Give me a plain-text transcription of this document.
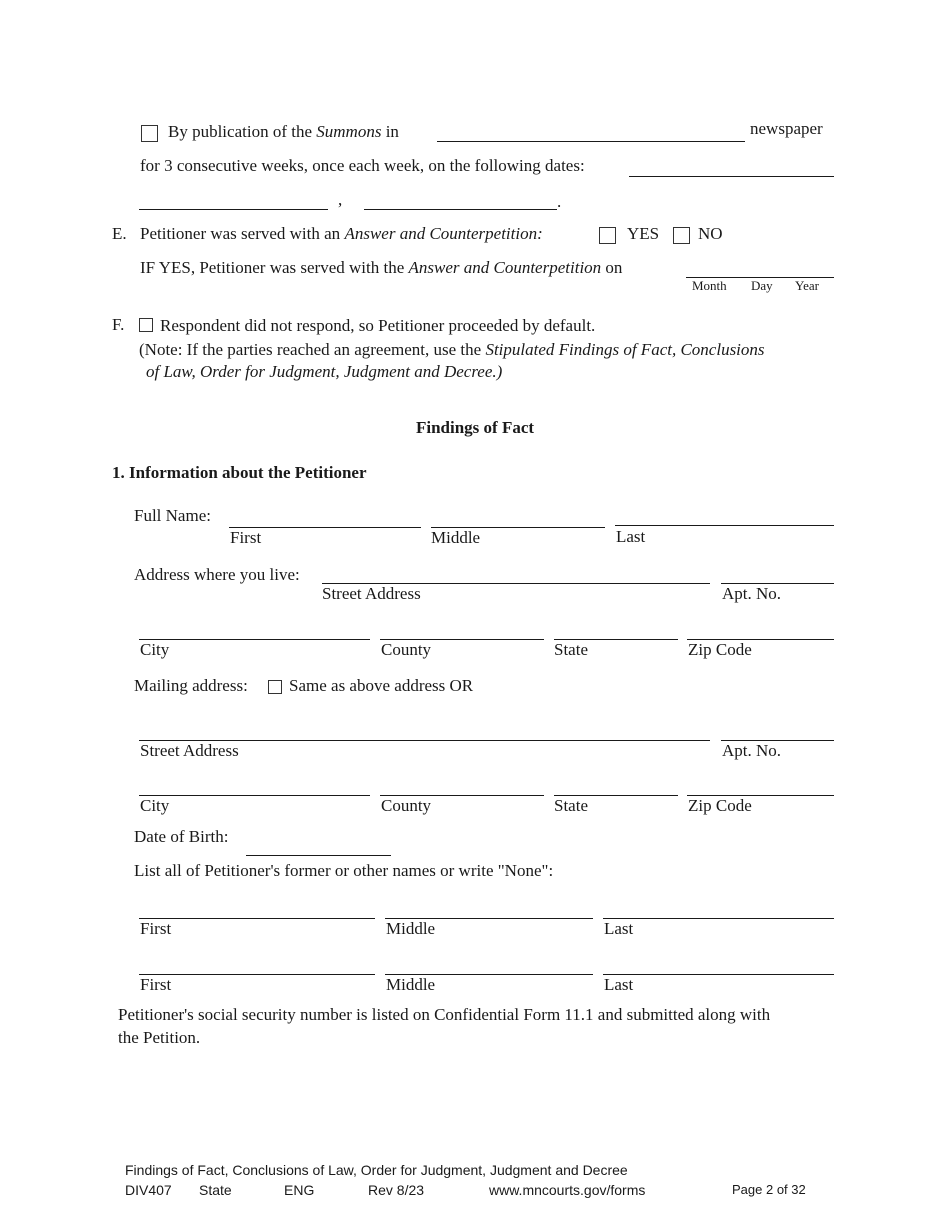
By publication of the Summons in	newspaper
for 3 consecutive weeks, once each week, on the following dates:
,	.
E. Petitioner was served with an Answer and Counterpetition:	YES NO
IF YES, Petitioner was served with the Answer and Counterpetition on
Month Day Year
F. Respondent did not respond, so Petitioner proceeded by default.
(Note: If the parties reached an agreement, use the Stipulated Findings of Fact, Conclusions
of Law, Order for Judgment, Judgment and Decree.)
Findings of Fact
1. Information about the Petitioner
Full Name:
First	Middle	Last
Address where you live:
Street Address	Apt. No.
City	County	State	Zip Code
Mailing address: Same as above address OR
Street Address	Apt. No.
City	County	State	Zip Code
Date of Birth:
List all of Petitioner's former or other names or write "None":
First	Middle	Last
First	Middle	Last
Petitioner's social security number is listed on Confidential Form 11.1 and submitted along with
the Petition.
Findings of Fact, Conclusions of Law, Order for Judgment, Judgment and Decree
DIV407 State	ENG	Rev 8/23	www.mncourts.gov/forms	Page 2 of 32
